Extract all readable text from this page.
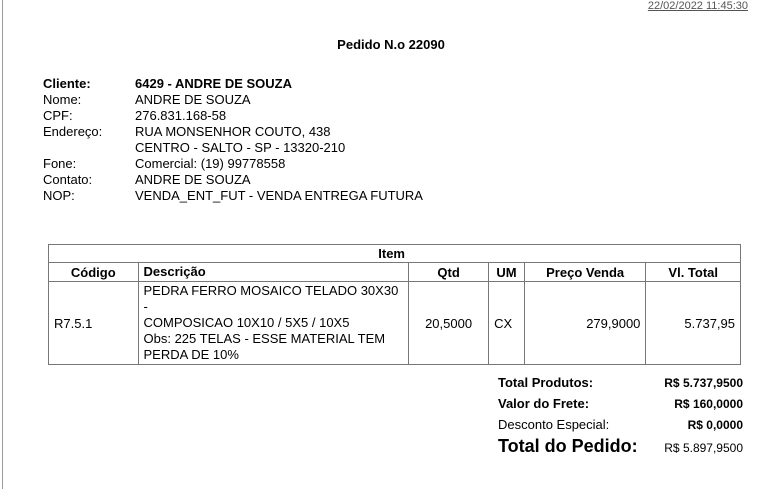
22/02/2022 11:45:30
Pedido N.o 22090
Cliente:	6429 - ANDRE DE SOUZA
Nome:	ANDRE DE SOUZA
CPF:	276.831.168-58
Endereço:	RUA MONSENHOR COUTO, 438
CENTRO - SALTO - SP - 13320-210
Fone:	Comercial: (19) 99778558
Contato:	ANDRE DE SOUZA
NOP:	VENDA_ENT_FUT - VENDA ENTREGA FUTURA
Item					
Código	Descrição	Qtd	UM	Preço Venda	Vl. Total
R7.5.1	PEDRA FERRO MOSAICO TELADO 30X30 -
COMPOSICAO 10X10 / 5X5 / 10X5
Obs: 225 TELAS - ESSE MATERIAL TEM
PERDA DE 10%	20,5000	CX	279,9000	5.737,95
Total Produtos:	R$ 5.737,9500
Valor do Frete:	R$ 160,0000
Desconto Especial:	R$ 0,0000
Total do Pedido: R$ 5.897,9500
